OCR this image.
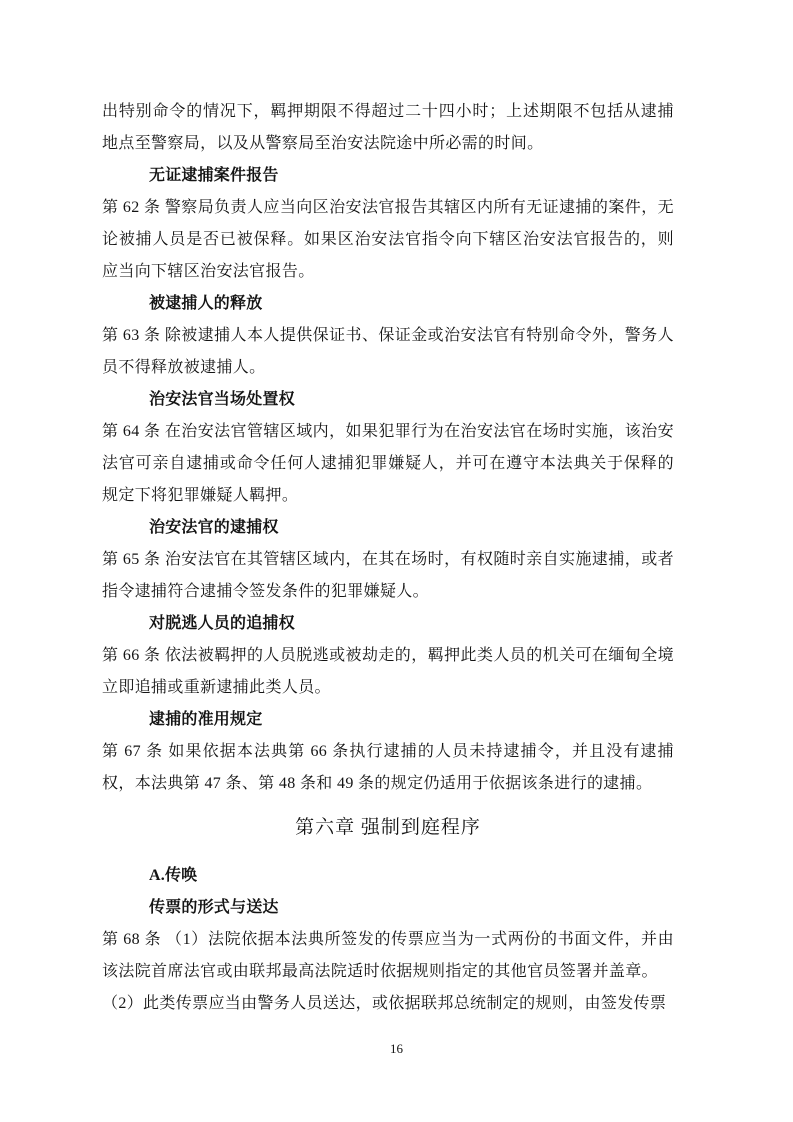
出特别命令的情况下，羁押期限不得超过二十四小时；上述期限不包括从逮捕地点至警察局，以及从警察局至治安法院途中所必需的时间。

无证逮捕案件报告

第 62 条 警察局负责人应当向区治安法官报告其辖区内所有无证逮捕的案件，无论被捕人员是否已被保释。如果区治安法官指令向下辖区治安法官报告的，则应当向下辖区治安法官报告。

被逮捕人的释放

第 63 条 除被逮捕人本人提供保证书、保证金或治安法官有特别命令外，警务人员不得释放被逮捕人。

治安法官当场处置权

第 64 条 在治安法官管辖区域内，如果犯罪行为在治安法官在场时实施，该治安法官可亲自逮捕或命令任何人逮捕犯罪嫌疑人，并可在遵守本法典关于保释的规定下将犯罪嫌疑人羁押。

治安法官的逮捕权

第 65 条 治安法官在其管辖区域内，在其在场时，有权随时亲自实施逮捕，或者指令逮捕符合逮捕令签发条件的犯罪嫌疑人。

对脱逃人员的追捕权

第 66 条 依法被羁押的人员脱逃或被劫走的，羁押此类人员的机关可在缅甸全境立即追捕或重新逮捕此类人员。

逮捕的准用规定

第 67 条 如果依据本法典第 66 条执行逮捕的人员未持逮捕令，并且没有逮捕权，本法典第 47 条、第 48 条和 49 条的规定仍适用于依据该条进行的逮捕。

第六章 强制到庭程序

A.传唤

传票的形式与送达

第 68 条 （1）法院依据本法典所签发的传票应当为一式两份的书面文件，并由该法院首席法官或由联邦最高法院适时依据规则指定的其他官员签署并盖章。

（2）此类传票应当由警务人员送达，或依据联邦总统制定的规则，由签发传票

16
